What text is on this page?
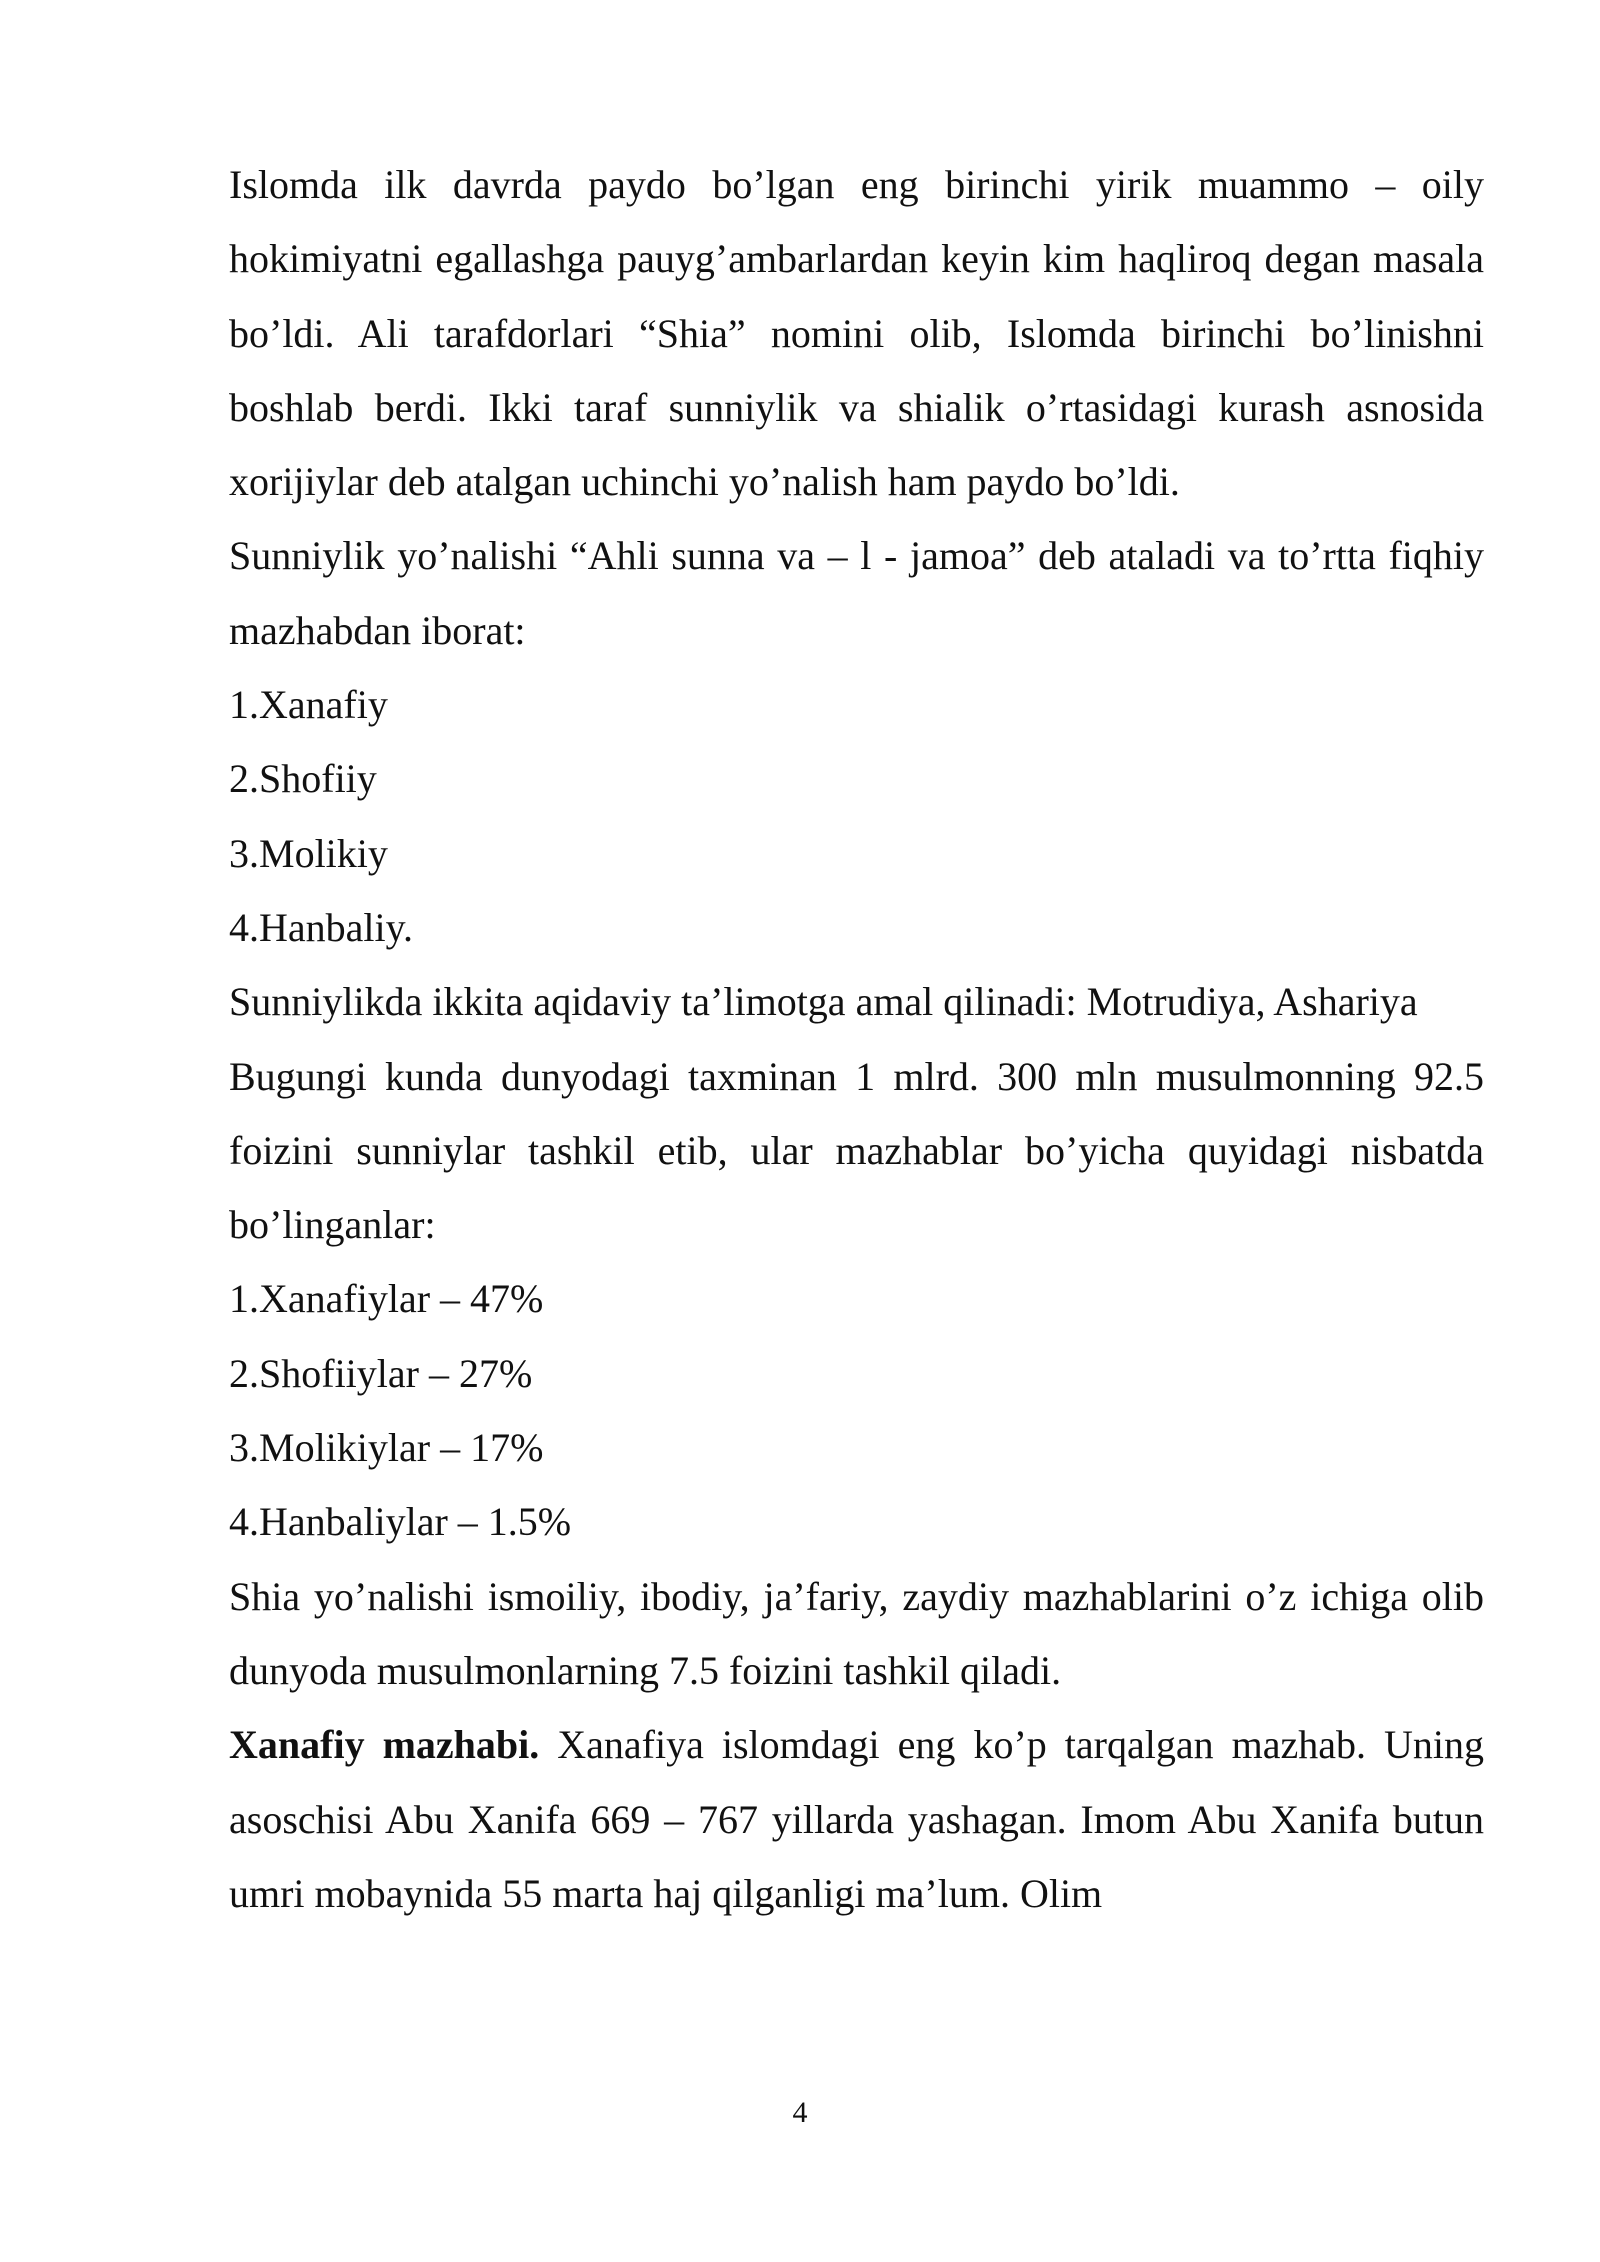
Islomda ilk davrda paydo bo’lgan eng birinchi yirik muammo – oily hokimiyatni egallashga pauyg’ambarlardan keyin kim haqliroq degan masala bo’ldi. Ali tarafdorlari “Shia” nomini olib, Islomda birinchi bo’linishni boshlab berdi. Ikki taraf sunniylik va shialik o’rtasidagi kurash asnosida xorijiylar deb atalgan uchinchi yo’nalish ham paydo bo’ldi.

Sunniylik yo’nalishi “Ahli sunna va – l - jamoa” deb ataladi va to’rtta fiqhiy mazhabdan iborat:

1.Xanafiy
2.Shofiiy
3.Molikiy
4.Hanbaliy.

Sunniylikda ikkita aqidaviy ta’limotga amal qilinadi: Motrudiya, Ashariya

Bugungi kunda dunyodagi taxminan 1 mlrd. 300 mln musulmonning 92.5 foizini sunniylar tashkil etib, ular mazhablar bo’yicha quyidagi nisbatda bo’linganlar:

1.Xanafiylar – 47%
2.Shofiiylar – 27%
3.Molikiylar – 17%
4.Hanbaliylar – 1.5%

Shia yo’nalishi ismoiliy, ibodiy, ja’fariy, zaydiy mazhablarini o’z ichiga olib dunyoda musulmonlarning 7.5 foizini tashkil qiladi.

Xanafiy mazhabi. Xanafiya islomdagi eng ko’p tarqalgan mazhab. Uning asoschisi Abu Xanifa 669 – 767 yillarda yashagan. Imom Abu Xanifa butun umri mobaynida 55 marta haj qilganligi ma’lum. Olim

4
